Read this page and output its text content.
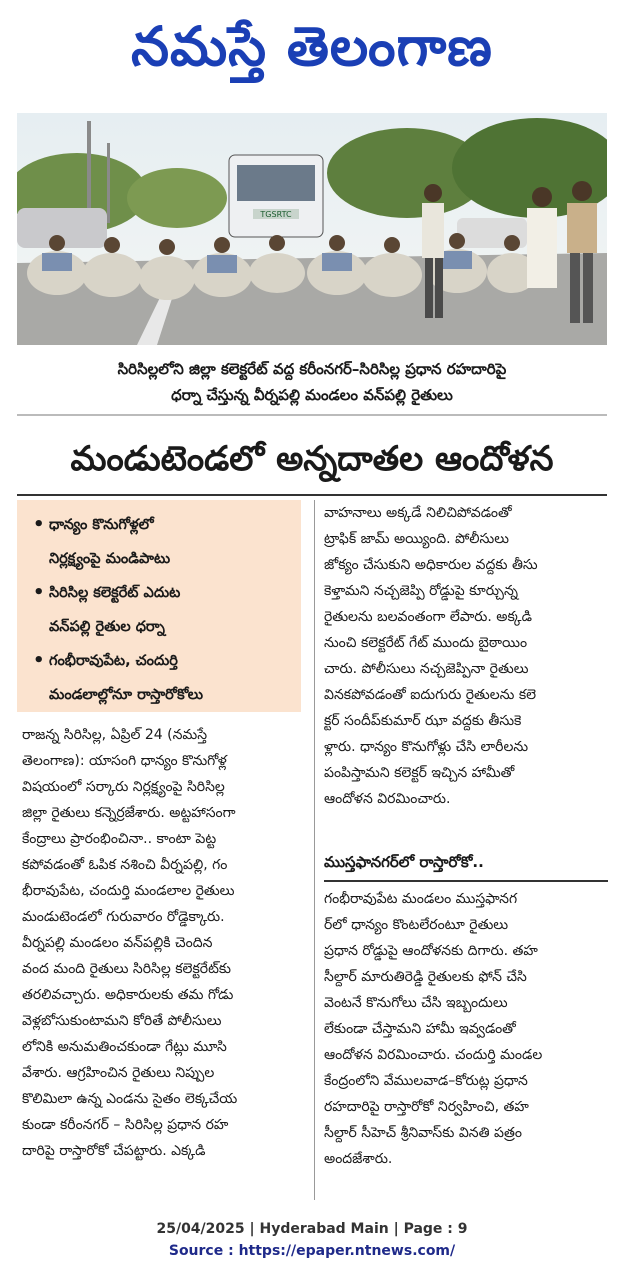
నమస్తే తెలంగాణ
TGSRTC
సిరిసిల్లలోని జిల్లా కలెక్టరేట్ వద్ద కరీంనగర్–సిరిసిల్ల ప్రధాన రహదారిపై
ధర్నా చేస్తున్న వీర్నపల్లి మండలం వన్‌పల్లి రైతులు
మండుటెండలో అన్నదాతల ఆందోళన
• ధాన్యం కొనుగోళ్లలో
నిర్లక్ష్యంపై మండిపాటు
• సిరిసిల్ల కలెక్టరేట్ ఎదుట
వన్‌పల్లి రైతుల ధర్నా
• గంభీరావుపేట, చందుర్తి
మండలాల్లోనూ రాస్తారోకోలు
రాజన్న సిరిసిల్ల, ఏప్రిల్ 24 (నమస్తే
తెలంగాణ): యాసంగి ధాన్యం కొనుగోళ్ల
విషయంలో సర్కారు నిర్లక్ష్యంపై సిరిసిల్ల
జిల్లా రైతులు కన్నెర్రజేశారు. అట్టహాసంగా
కేంద్రాలు ప్రారంభించినా.. కాంటా పెట్ట
కపోవడంతో ఓపిక నశించి వీర్నపల్లి, గం
భీరావుపేట, చందుర్తి మండలాల రైతులు
మండుటెండలో గురువారం రోడ్డెక్కారు.
వీర్నపల్లి మండలం వన్‌పల్లికి చెందిన
వంద మంది రైతులు సిరిసిల్ల కలెక్టరేట్‌కు
తరలివచ్చారు. అధికారులకు తమ గోడు
వెళ్లబోసుకుంటామని కోరితే పోలీసులు
లోనికి అనుమతించకుండా గేట్లు మూసి
వేశారు. ఆగ్రహించిన రైతులు నిప్పుల
కొలిమిలా ఉన్న ఎండను సైతం లెక్కచేయ
కుండా కరీంనగర్ – సిరిసిల్ల ప్రధాన రహ
దారిపై రాస్తారోకో చేపట్టారు. ఎక్కడి
వాహనాలు అక్కడే నిలిచిపోవడంతో
ట్రాఫిక్ జామ్ అయ్యింది. పోలీసులు
జోక్యం చేసుకుని అధికారుల వద్దకు తీసు
కెళ్తామని నచ్చజెప్పి రోడ్డుపై కూర్చున్న
రైతులను బలవంతంగా లేపారు. అక్కడి
నుంచి కలెక్టరేట్ గేట్ ముందు బైఠాయిం
చారు. పోలీసులు నచ్చజెప్పినా రైతులు
వినకపోవడంతో ఐదుగురు రైతులను కలె
క్టర్ సందీప్‌కుమార్ ఝా వద్దకు తీసుకె
ళ్లారు. ధాన్యం కొనుగోళ్లు చేసి లారీలను
పంపిస్తామని కలెక్టర్ ఇచ్చిన హామీతో
ఆందోళన విరమించారు.
ముస్తఫానగర్‌లో రాస్తారోకో..
గంభీరావుపేట మండలం ముస్తఫానగ
ర్‌లో ధాన్యం కొంటలేరంటూ రైతులు
ప్రధాన రోడ్డుపై ఆందోళనకు దిగారు. తహ
సీల్దార్ మారుతిరెడ్డి రైతులకు ఫోన్ చేసి
వెంటనే కొనుగోలు చేసి ఇబ్బందులు
లేకుండా చేస్తామని హామీ ఇవ్వడంతో
ఆందోళన విరమించారు. చందుర్తి మండల
కేంద్రంలోని వేములవాడ–కోరుట్ల ప్రధాన
రహదారిపై రాస్తారోకో నిర్వహించి, తహ
సీల్దార్ సీహెచ్ శ్రీనివాస్‌కు వినతి పత్రం
అందజేశారు.
25/04/2025 | Hyderabad Main | Page : 9
Source : https://epaper.ntnews.com/
